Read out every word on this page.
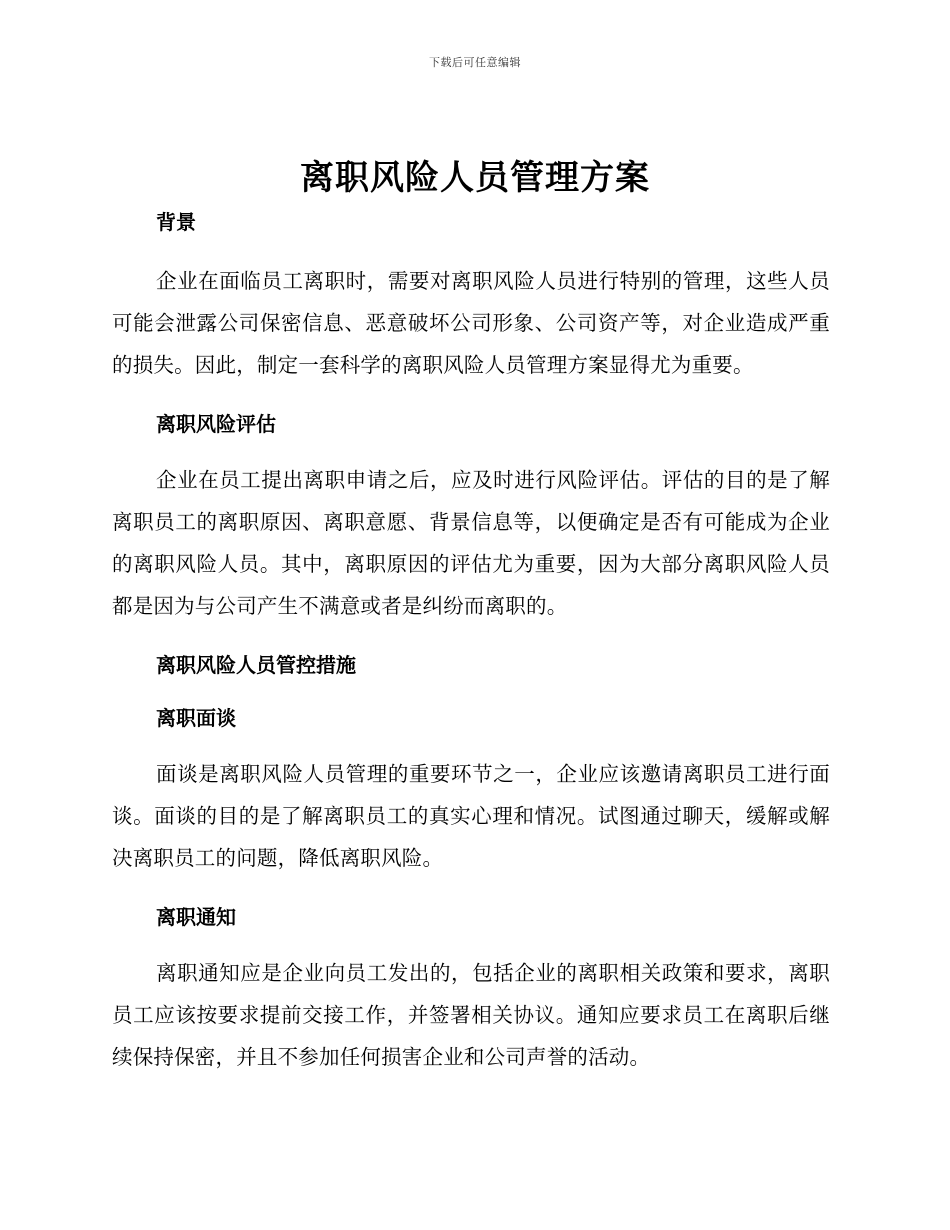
下载后可任意编辑
离职风险人员管理方案
背景

企业在面临员工离职时，需要对离职风险人员进行特别的管理，这些人员可能会泄露公司保密信息、恶意破坏公司形象、公司资产等，对企业造成严重的损失。因此，制定一套科学的离职风险人员管理方案显得尤为重要。

离职风险评估

企业在员工提出离职申请之后，应及时进行风险评估。评估的目的是了解离职员工的离职原因、离职意愿、背景信息等，以便确定是否有可能成为企业的离职风险人员。其中，离职原因的评估尤为重要，因为大部分离职风险人员都是因为与公司产生不满意或者是纠纷而离职的。

离职风险人员管控措施
离职面谈

面谈是离职风险人员管理的重要环节之一，企业应该邀请离职员工进行面谈。面谈的目的是了解离职员工的真实心理和情况。试图通过聊天，缓解或解决离职员工的问题，降低离职风险。

离职通知

离职通知应是企业向员工发出的，包括企业的离职相关政策和要求，离职员工应该按要求提前交接工作，并签署相关协议。通知应要求员工在离职后继续保持保密，并且不参加任何损害企业和公司声誉的活动。
